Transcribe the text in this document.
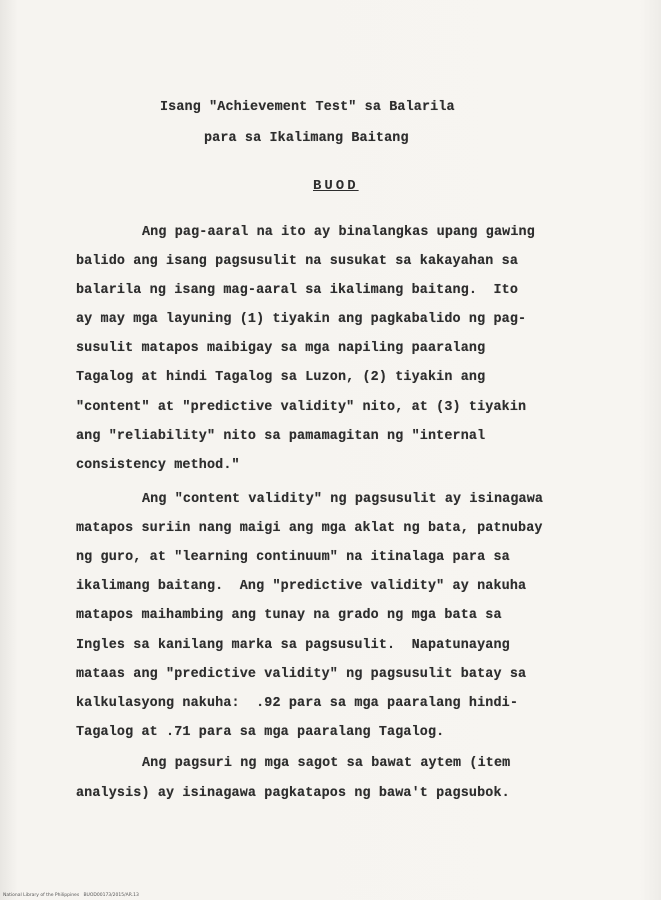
Isang "Achievement Test" sa Balarila
para sa Ikalimang Baitang
BUOD
Ang pag-aaral na ito ay binalangkas upang gawing
balido ang isang pagsusulit na susukat sa kakayahan sa
balarila ng isang mag-aaral sa ikalimang baitang.  Ito
ay may mga layuning (1) tiyakin ang pagkabalido ng pag-
susulit matapos maibigay sa mga napiling paaralang
Tagalog at hindi Tagalog sa Luzon, (2) tiyakin ang
"content" at "predictive validity" nito, at (3) tiyakin
ang "reliability" nito sa pamamagitan ng "internal
consistency method."
Ang "content validity" ng pagsusulit ay isinagawa
matapos suriin nang maigi ang mga aklat ng bata, patnubay
ng guro, at "learning continuum" na itinalaga para sa
ikalimang baitang.  Ang "predictive validity" ay nakuha
matapos maihambing ang tunay na grado ng mga bata sa
Ingles sa kanilang marka sa pagsusulit.  Napatunayang
mataas ang "predictive validity" ng pagsusulit batay sa
kalkulasyong nakuha:  .92 para sa mga paaralang hindi-
Tagalog at .71 para sa mga paaralang Tagalog.
Ang pagsuri ng mga sagot sa bawat aytem (item
analysis) ay isinagawa pagkatapos ng bawa't pagsubok.
National Library of the Philippines   BUOD00173/2015/AR.13
